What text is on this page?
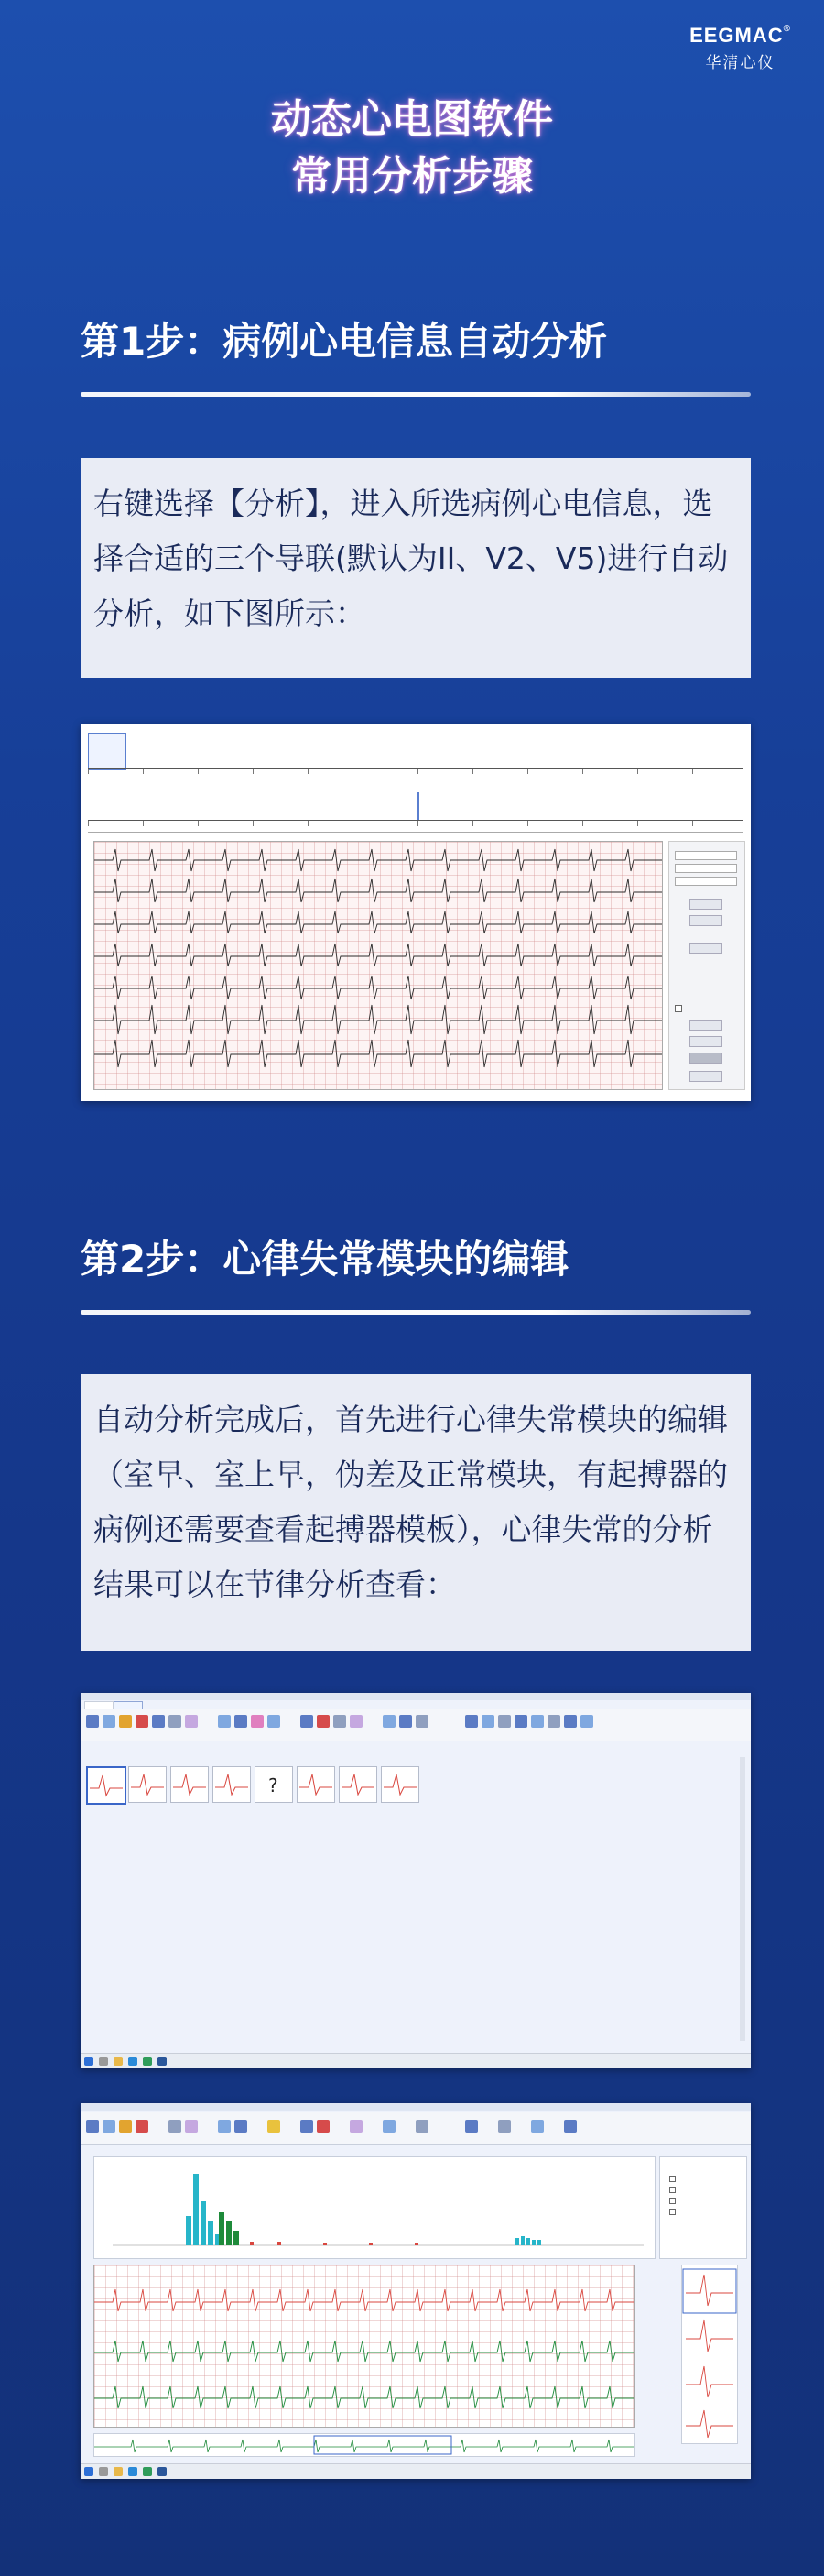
EEGMAC®
华清心仪
动态心电图软件
常用分析步骤
第1步：病例心电信息自动分析
右键选择【分析】，进入所选病例心电信息，选择合适的三个导联(默认为II、V2、V5)进行自动分析，如下图所示：
第2步：心律失常模块的编辑
自动分析完成后，首先进行心律失常模块的编辑（室早、室上早，伪差及正常模块，有起搏器的病例还需要查看起搏器模板），心律失常的分析结果可以在节律分析查看：
?
